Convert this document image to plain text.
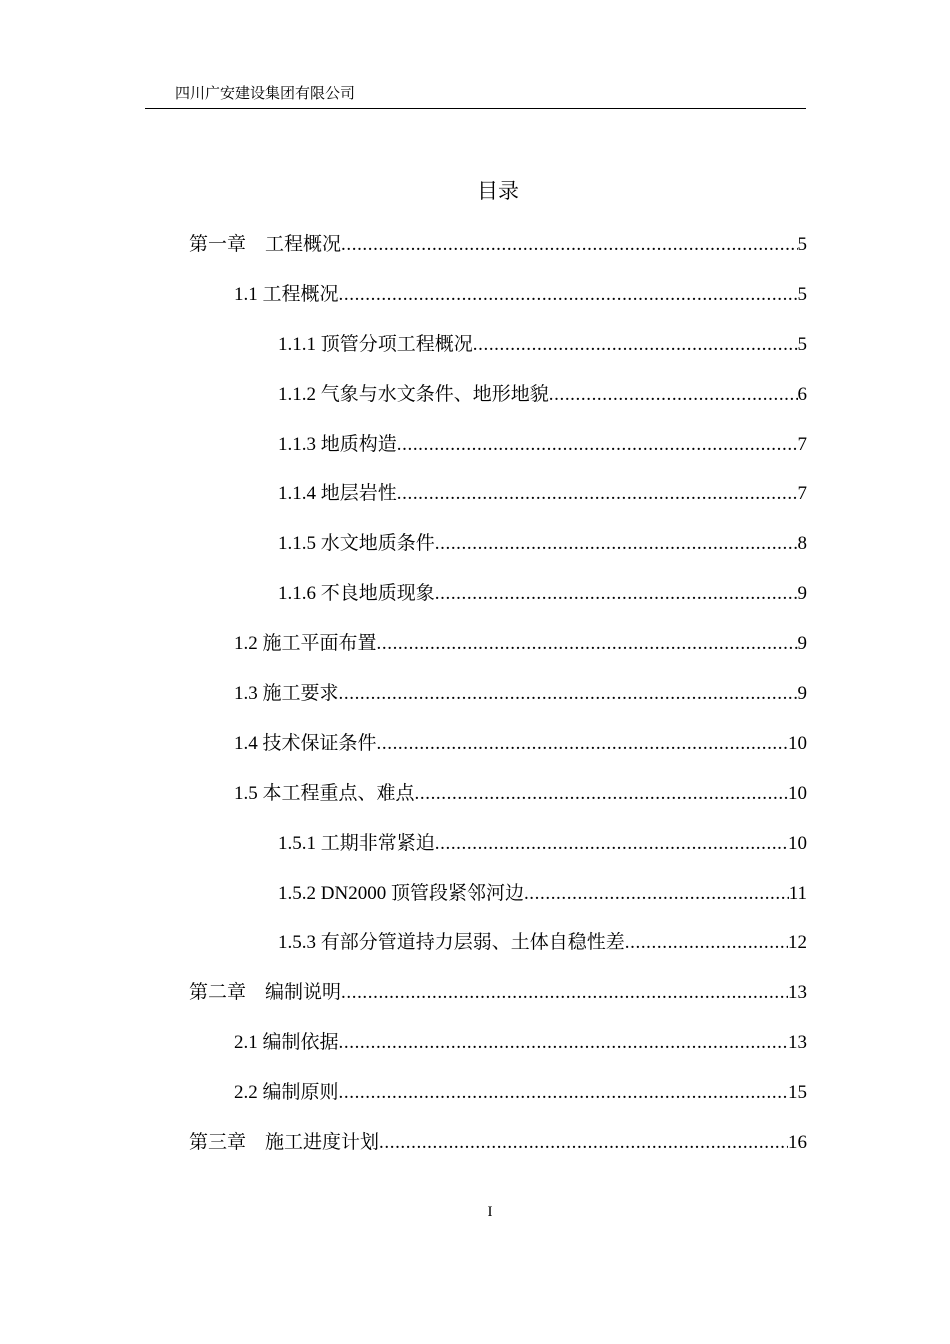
四川广安建设集团有限公司
目录
第一章    工程概况 .....	5
1.1 工程概况 .....	5
1.1.1 顶管分项工程概况 .....	5
1.1.2 气象与水文条件、地形地貌 .....	6
1.1.3 地质构造 .....	7
1.1.4 地层岩性 .....	7
1.1.5 水文地质条件 .....	8
1.1.6 不良地质现象 .....	9
1.2 施工平面布置 .....	9
1.3 施工要求 .....	9
1.4 技术保证条件 .....	10
1.5 本工程重点、难点 .....	10
1.5.1 工期非常紧迫 .....	10
1.5.2 DN2000 顶管段紧邻河边 .....	11
1.5.3 有部分管道持力层弱、土体自稳性差 .....	12
第二章    编制说明 .....	13
2.1 编制依据 .....	13
2.2 编制原则 .....	15
第三章    施工进度计划 .....	16
I
